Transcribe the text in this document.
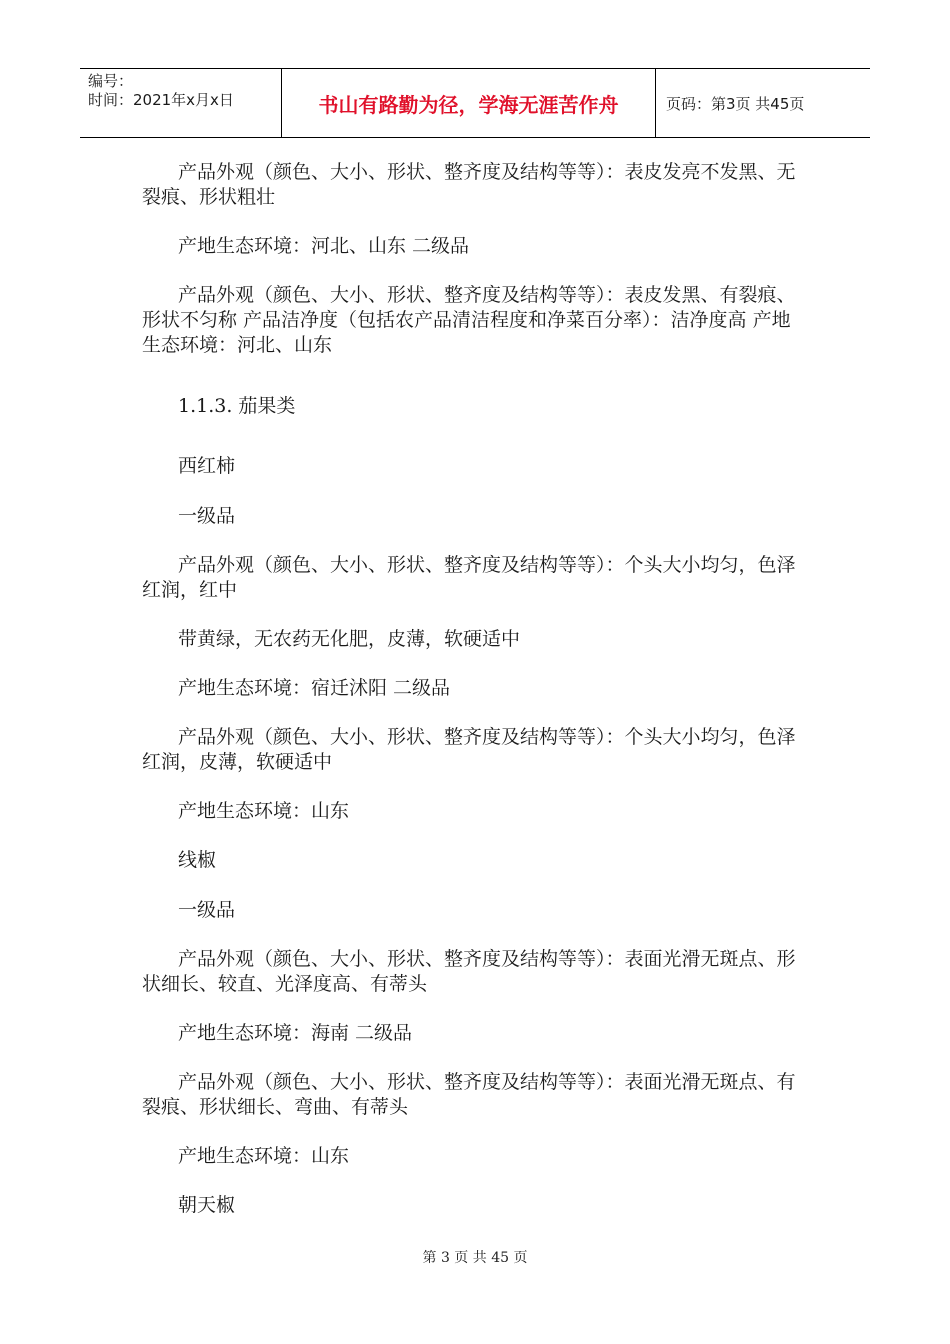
编号：
时间：2021年x月x日	书山有路勤为径，学海无涯苦作舟	页码：第3页 共45页

产品外观（颜色、大小、形状、整齐度及结构等等）：表皮发亮不发黑、无裂痕、形状粗壮

产地生态环境：河北、山东 二级品

产品外观（颜色、大小、形状、整齐度及结构等等）：表皮发黑、有裂痕、形状不匀称 产品洁净度（包括农产品清洁程度和净菜百分率）：洁净度高 产地生态环境：河北、山东

1.1.3. 茄果类

西红柿

一级品

产品外观（颜色、大小、形状、整齐度及结构等等）：个头大小均匀，色泽红润，红中

带黄绿，无农药无化肥，皮薄，软硬适中

产地生态环境：宿迁沭阳 二级品

产品外观（颜色、大小、形状、整齐度及结构等等）：个头大小均匀，色泽红润，皮薄，软硬适中

产地生态环境：山东

线椒

一级品

产品外观（颜色、大小、形状、整齐度及结构等等）：表面光滑无斑点、形状细长、较直、光泽度高、有蒂头

产地生态环境：海南 二级品

产品外观（颜色、大小、形状、整齐度及结构等等）：表面光滑无斑点、有裂痕、形状细长、弯曲、有蒂头

产地生态环境：山东

朝天椒

第 3 页 共 45 页
